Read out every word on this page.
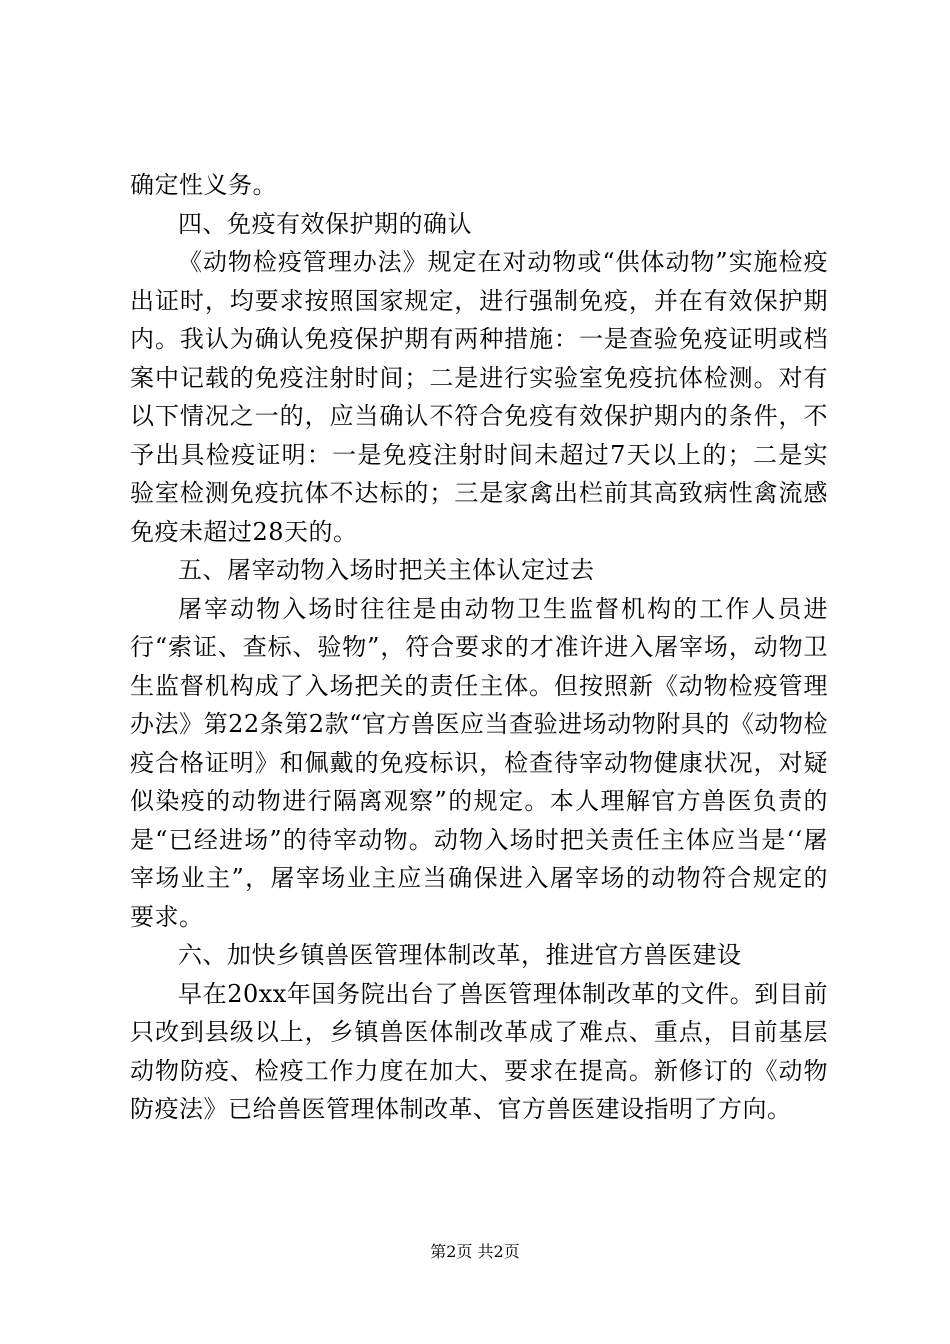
确定性义务。

四、免疫有效保护期的确认

《动物检疫管理办法》规定在对动物或“供体动物”实施检疫出证时，均要求按照国家规定，进行强制免疫，并在有效保护期内。我认为确认免疫保护期有两种措施：一是查验免疫证明或档案中记载的免疫注射时间；二是进行实验室免疫抗体检测。对有以下情况之一的，应当确认不符合免疫有效保护期内的条件，不予出具检疫证明：一是免疫注射时间未超过7天以上的；二是实验室检测免疫抗体不达标的；三是家禽出栏前其高致病性禽流感免疫未超过28天的。

五、屠宰动物入场时把关主体认定过去

屠宰动物入场时往往是由动物卫生监督机构的工作人员进行“索证、查标、验物”，符合要求的才准许进入屠宰场，动物卫生监督机构成了入场把关的责任主体。但按照新《动物检疫管理办法》第22条第2款“官方兽医应当查验进场动物附具的《动物检疫合格证明》和佩戴的免疫标识，检查待宰动物健康状况，对疑似染疫的动物进行隔离观察”的规定。本人理解官方兽医负责的是“已经进场”的待宰动物。动物入场时把关责任主体应当是‘‘屠宰场业主”，屠宰场业主应当确保进入屠宰场的动物符合规定的要求。

六、加快乡镇兽医管理体制改革，推进官方兽医建设

早在20xx年国务院出台了兽医管理体制改革的文件。到目前只改到县级以上，乡镇兽医体制改革成了难点、重点，目前基层动物防疫、检疫工作力度在加大、要求在提高。新修订的《动物防疫法》已给兽医管理体制改革、官方兽医建设指明了方向。

第2页 共2页
